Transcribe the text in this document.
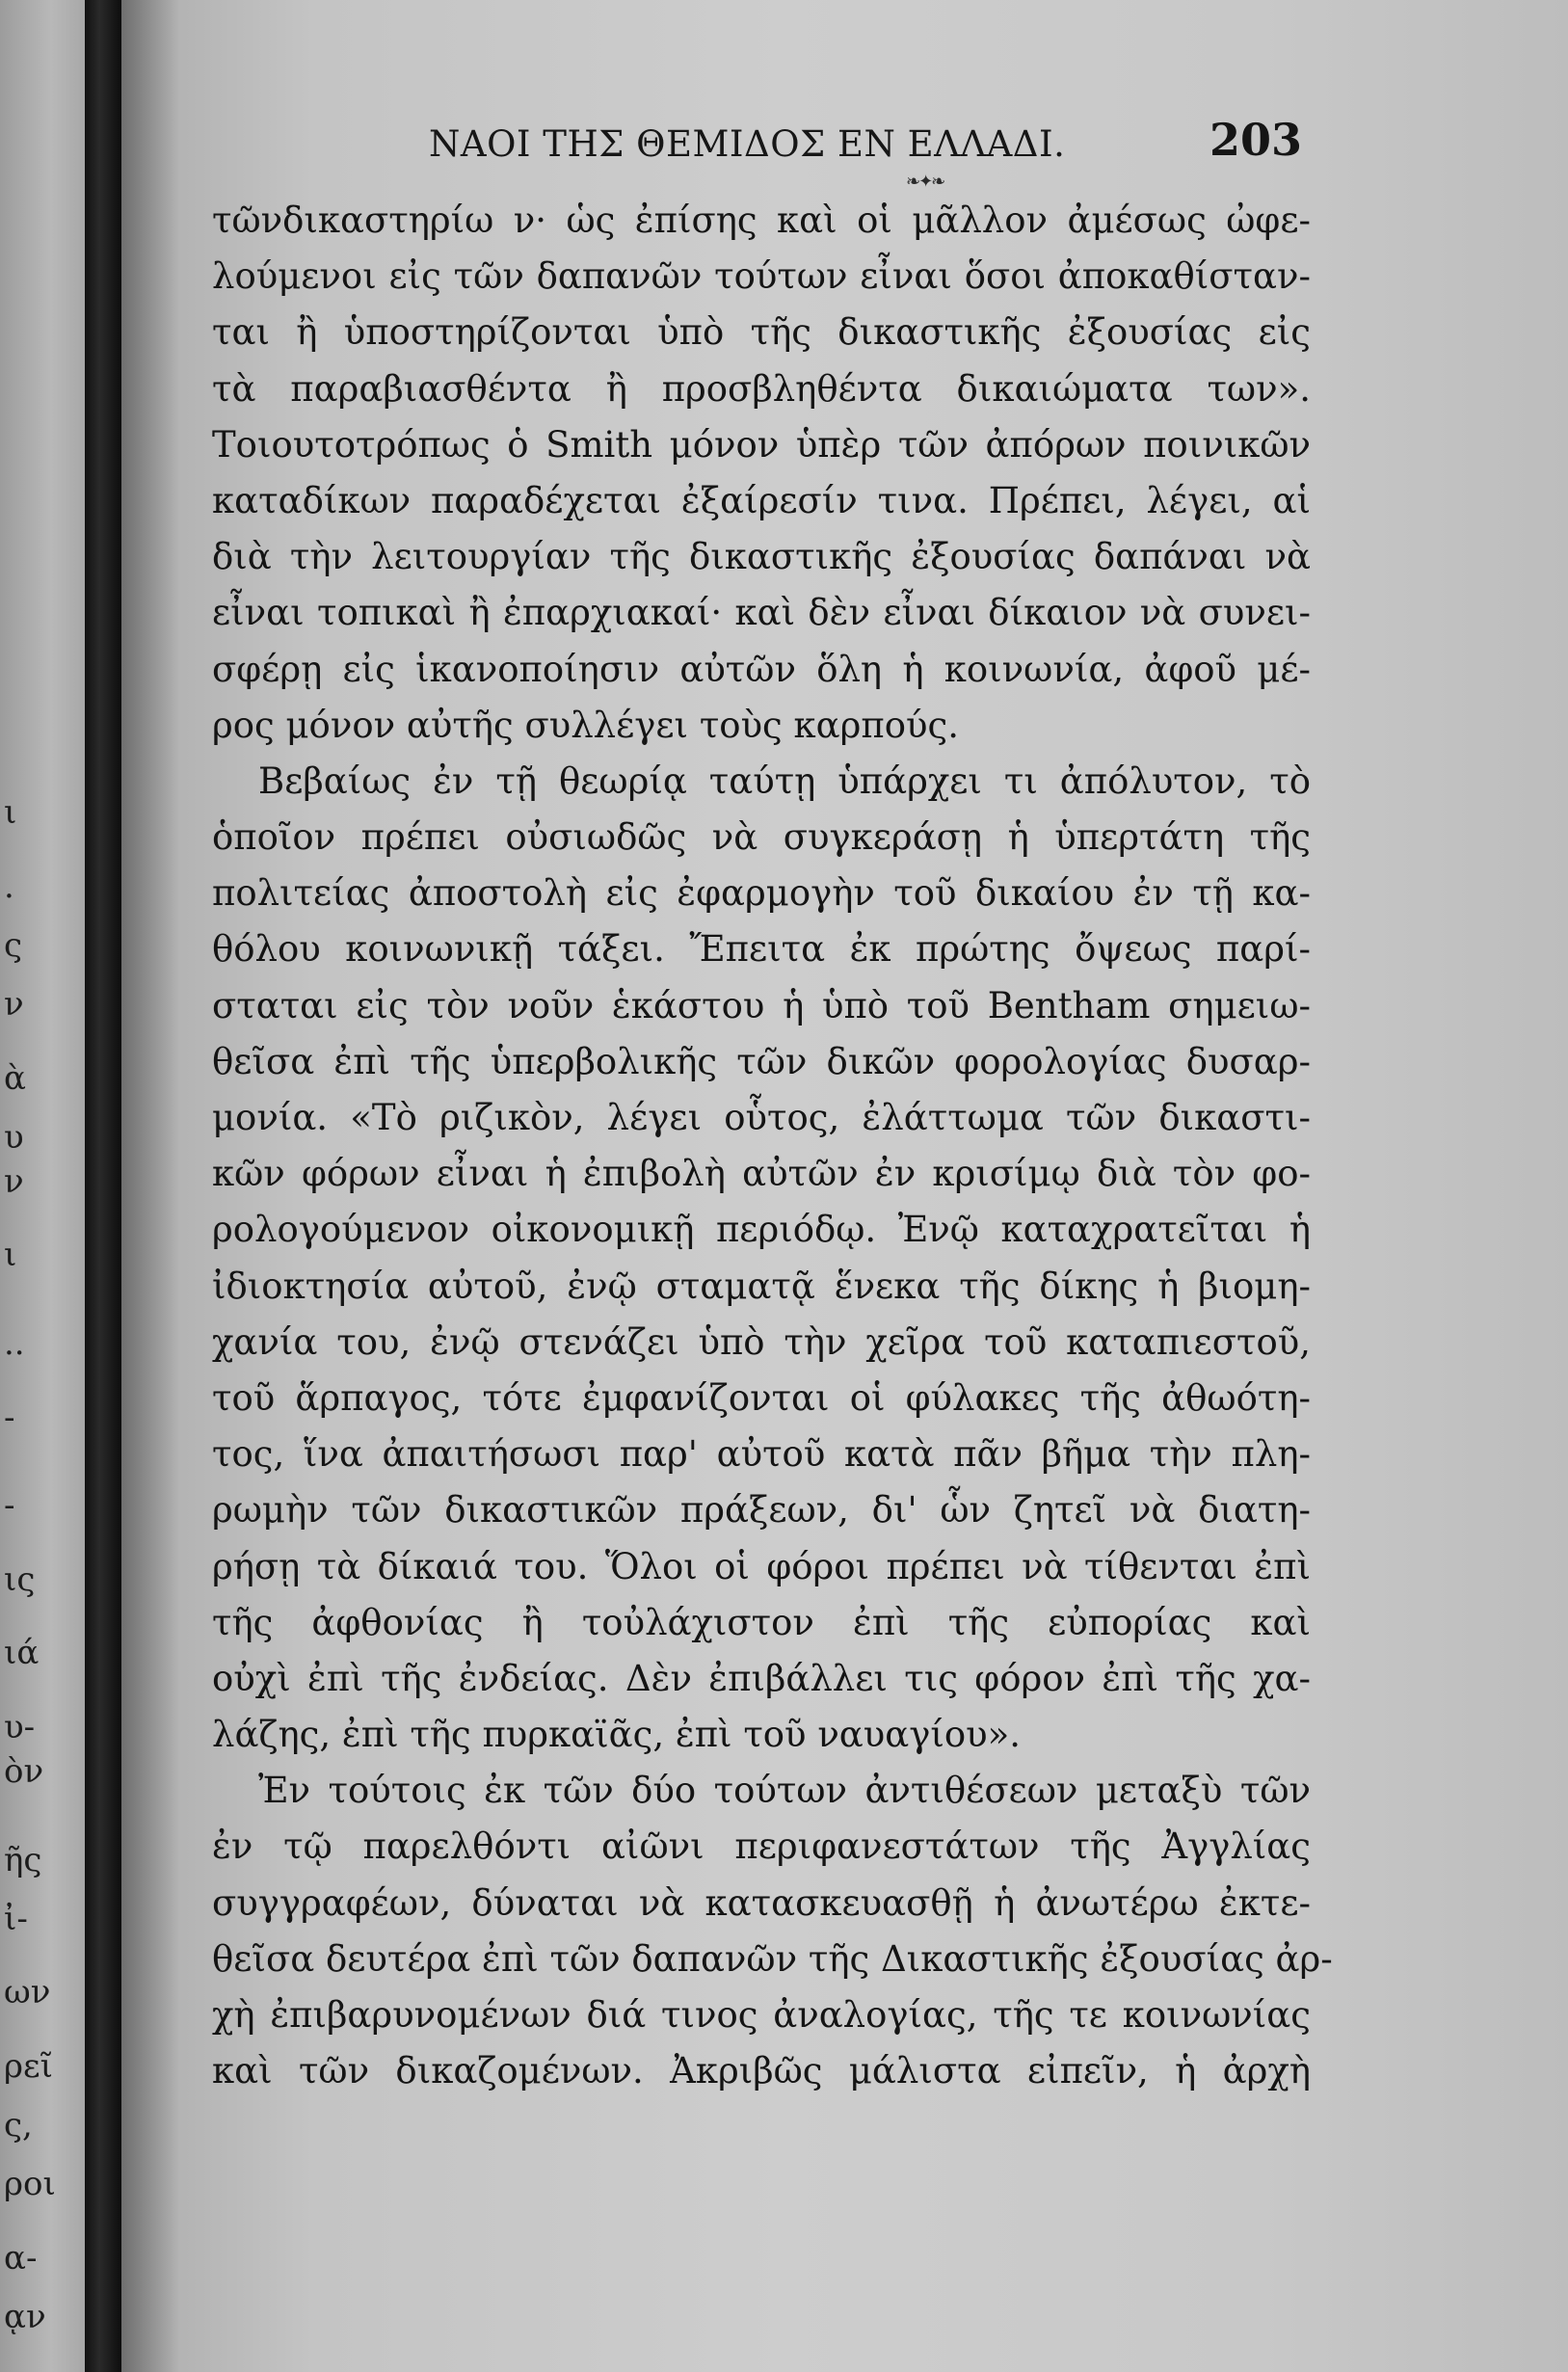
ι
.
ς
ν
ὰ
υ
ν
ι
..
-
-
ις
ιά
υ-
ὸν
ῆς
ἰ-
ων
ρεῖ
ς,
ροι
α-
ᾳν
ΝΑΟΙ ΤΗΣ ΘΕΜΙΔΟΣ ΕΝ ΕΛΛΑΔΙ.	203
❧✦❧
τῶνδικαστηρίω ν· ὡς ἐπίσης καὶ οἱ μᾶλλον ἀμέσως ὠφε-
λούμενοι εἰς τῶν δαπανῶν τούτων εἶναι ὅσοι ἀποκαθίσταν-
ται ἢ ὑποστηρίζονται ὑπὸ τῆς δικαστικῆς ἐξουσίας εἰς
τὰ παραβιασθέντα ἢ προσβληθέντα δικαιώματα των».
Τοιουτοτρόπως ὁ Smith μόνον ὑπὲρ τῶν ἀπόρων ποινικῶν
καταδίκων παραδέχεται ἐξαίρεσίν τινα. Πρέπει, λέγει, αἱ
διὰ τὴν λειτουργίαν τῆς δικαστικῆς ἐξουσίας δαπάναι νὰ
εἶναι τοπικαὶ ἢ ἐπαρχιακαί· καὶ δὲν εἶναι δίκαιον νὰ συνει-
σφέρῃ εἰς ἱκανοποίησιν αὐτῶν ὅλη ἡ κοινωνία, ἀφοῦ μέ-
ρος μόνον αὐτῆς συλλέγει τοὺς καρπούς.
Βεβαίως ἐν τῇ θεωρίᾳ ταύτῃ ὑπάρχει τι ἀπόλυτον, τὸ
ὁποῖον πρέπει οὐσιωδῶς νὰ συγκεράσῃ ἡ ὑπερτάτη τῆς
πολιτείας ἀποστολὴ εἰς ἐφαρμογὴν τοῦ δικαίου ἐν τῇ κα-
θόλου κοινωνικῇ τάξει. Ἔπειτα ἐκ πρώτης ὄψεως παρί-
σταται εἰς τὸν νοῦν ἑκάστου ἡ ὑπὸ τοῦ Bentham σημειω-
θεῖσα ἐπὶ τῆς ὑπερβολικῆς τῶν δικῶν φορολογίας δυσαρ-
μονία. «Τὸ ριζικὸν, λέγει οὗτος, ἐλάττωμα τῶν δικαστι-
κῶν φόρων εἶναι ἡ ἐπιβολὴ αὐτῶν ἐν κρισίμῳ διὰ τὸν φο-
ρολογούμενον οἰκονομικῇ περιόδῳ. Ἐνῷ καταχρατεῖται ἡ
ἰδιοκτησία αὐτοῦ, ἐνῷ σταματᾷ ἕνεκα τῆς δίκης ἡ βιομη-
χανία του, ἐνῷ στενάζει ὑπὸ τὴν χεῖρα τοῦ καταπιεστοῦ,
τοῦ ἅρπαγος, τότε ἐμφανίζονται οἱ φύλακες τῆς ἀθωότη-
τος, ἵνα ἀπαιτήσωσι παρ' αὐτοῦ κατὰ πᾶν βῆμα τὴν πλη-
ρωμὴν τῶν δικαστικῶν πράξεων, δι' ὧν ζητεῖ νὰ διατη-
ρήσῃ τὰ δίκαιά του. Ὅλοι οἱ φόροι πρέπει νὰ τίθενται ἐπὶ
τῆς ἀφθονίας ἢ τοὐλάχιστον ἐπὶ τῆς εὐπορίας καὶ
οὐχὶ ἐπὶ τῆς ἐνδείας. Δὲν ἐπιβάλλει τις φόρον ἐπὶ τῆς χα-
λάζης, ἐπὶ τῆς πυρκαϊᾶς, ἐπὶ τοῦ ναυαγίου».
Ἐν τούτοις ἐκ τῶν δύο τούτων ἀντιθέσεων μεταξὺ τῶν
ἐν τῷ παρελθόντι αἰῶνι περιφανεστάτων τῆς Ἀγγλίας
συγγραφέων, δύναται νὰ κατασκευασθῇ ἡ ἀνωτέρω ἐκτε-
θεῖσα δευτέρα ἐπὶ τῶν δαπανῶν τῆς Δικαστικῆς ἐξουσίας ἀρ-
χὴ ἐπιβαρυνομένων διά τινος ἀναλογίας, τῆς τε κοινωνίας
καὶ τῶν δικαζομένων. Ἀκριβῶς μάλιστα εἰπεῖν, ἡ ἀρχὴ
